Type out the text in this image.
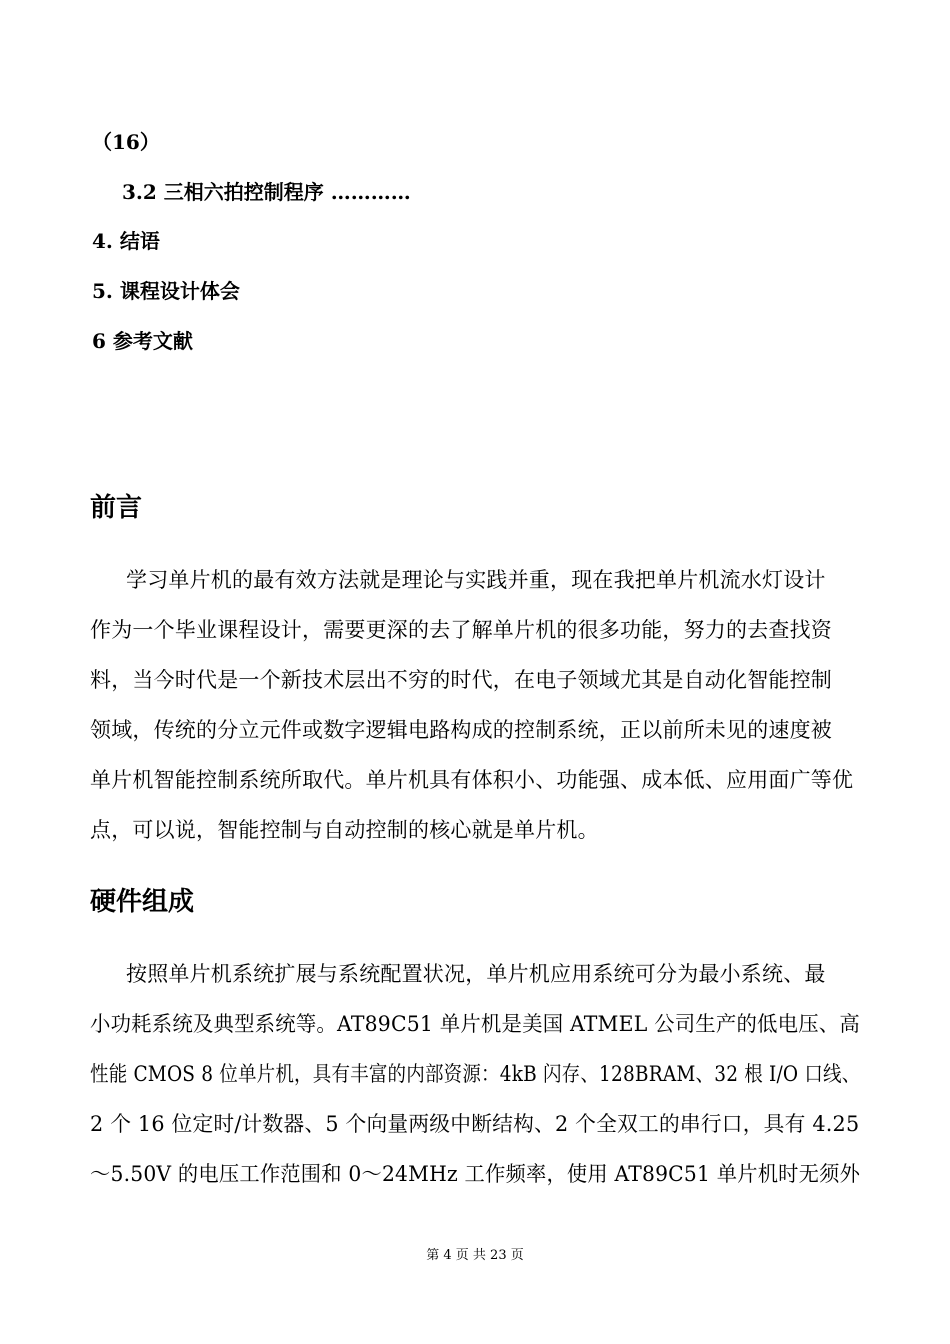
（16）
3.2 三相六拍控制程序 …………
4. 结语
5. 课程设计体会
6 参考文献
前言
学习单片机的最有效方法就是理论与实践并重，现在我把单片机流水灯设计
作为一个毕业课程设计，需要更深的去了解单片机的很多功能，努力的去查找资
料，当今时代是一个新技术层出不穷的时代，在电子领域尤其是自动化智能控制
领域，传统的分立元件或数字逻辑电路构成的控制系统，正以前所未见的速度被
单片机智能控制系统所取代。单片机具有体积小、功能强、成本低、应用面广等优
点，可以说，智能控制与自动控制的核心就是单片机。
硬件组成
按照单片机系统扩展与系统配置状况，单片机应用系统可分为最小系统、最
小功耗系统及典型系统等。AT89C51 单片机是美国 ATMEL 公司生产的低电压、高
性能 CMOS 8 位单片机，具有丰富的内部资源：4kB 闪存、128BRAM、32 根 I/O 口线、
2 个 16 位定时/计数器、5 个向量两级中断结构、2 个全双工的串行口，具有 4.25
～5.50V 的电压工作范围和 0～24MHz 工作频率，使用 AT89C51 单片机时无须外
第 4 页 共 23 页
